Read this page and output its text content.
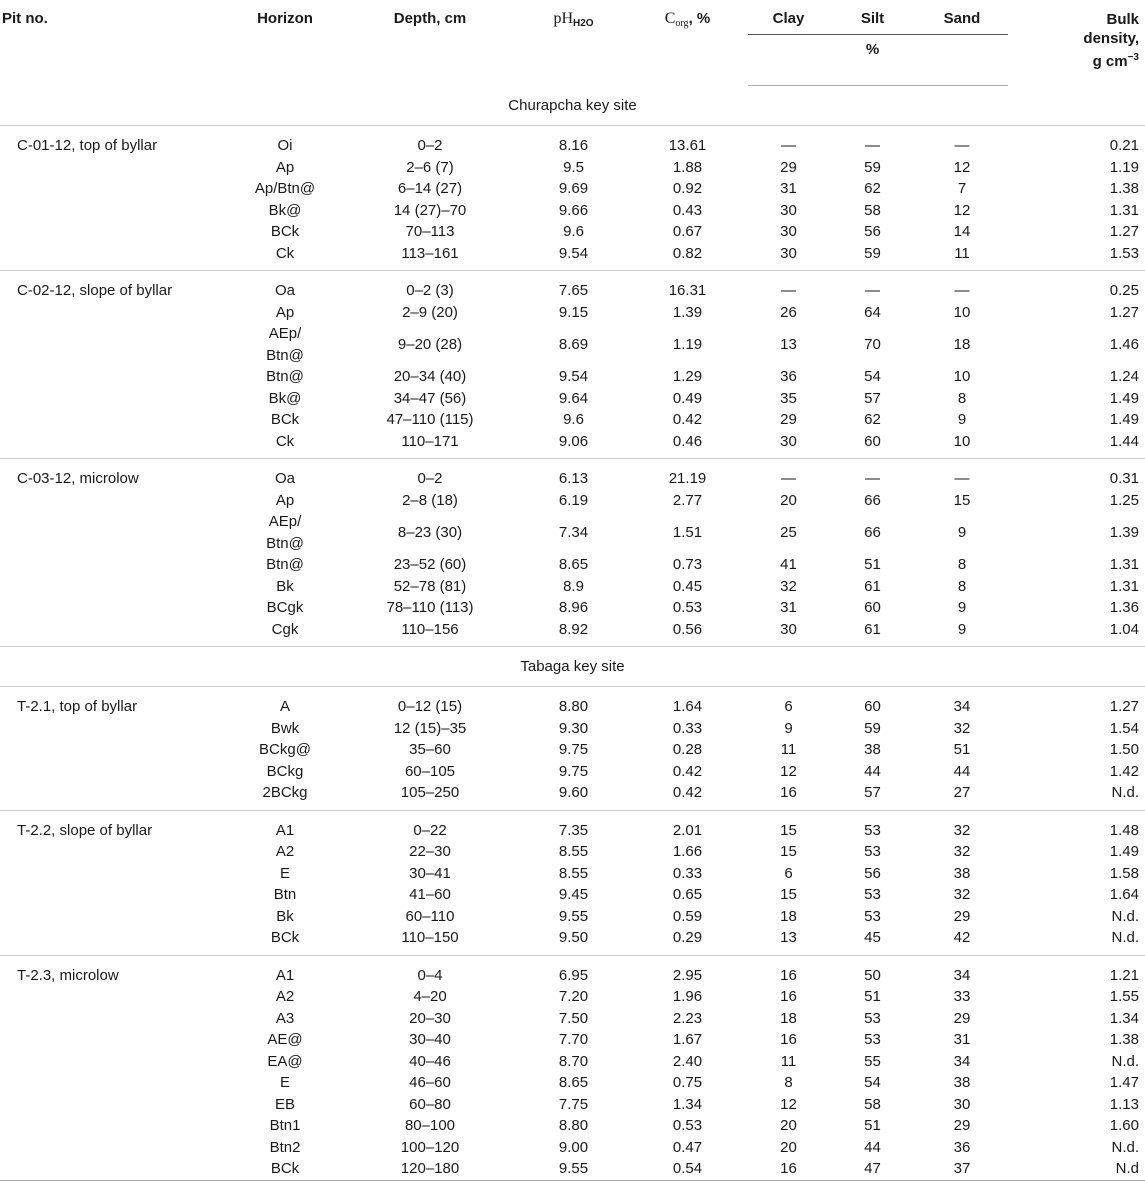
Pit no.	Horizon	Depth, cm	$pH_{H2O}$	$C_{org}$, %	Clay	Silt	Sand	Bulk
density,
g $cm^{-3}$

						%		
Churapcha key site								
C-01-12, top of byllar	Oi	0–2	8.16	13.61	—	—	—	0.21
	Ap	2–6 (7)	9.5	1.88	29	59	12	1.19
	Ap/Btn@	6–14 (27)	9.69	0.92	31	62	7	1.38
	Bk@	14 (27)–70	9.66	0.43	30	58	12	1.31
	BCk	70–113	9.6	0.67	30	56	14	1.27
	Ck	113–161	9.54	0.82	30	59	11	1.53
C-02-12, slope of byllar	Oa	0–2 (3)	7.65	16.31	—	—	—	0.25
	Ap	2–9 (20)	9.15	1.39	26	64	10	1.27
	AEp/ Btn@	9–20 (28)	8.69	1.19	13	70	18	1.46
	Btn@	20–34 (40)	9.54	1.29	36	54	10	1.24
	Bk@	34–47 (56)	9.64	0.49	35	57	8	1.49
	BCk	47–110 (115)	9.6	0.42	29	62	9	1.49
	Ck	110–171	9.06	0.46	30	60	10	1.44
C-03-12, microlow	Oa	0–2	6.13	21.19	—	—	—	0.31
	Ap	2–8 (18)	6.19	2.77	20	66	15	1.25
	AEp/ Btn@	8–23 (30)	7.34	1.51	25	66	9	1.39
	Btn@	23–52 (60)	8.65	0.73	41	51	8	1.31
	Bk	52–78 (81)	8.9	0.45	32	61	8	1.31
	BCgk	78–110 (113)	8.96	0.53	31	60	9	1.36
	Cgk	110–156	8.92	0.56	30	61	9	1.04
Tabaga key site								
T-2.1, top of byllar	A	0–12 (15)	8.80	1.64	6	60	34	1.27
	Bwk	12 (15)–35	9.30	0.33	9	59	32	1.54
	BCkg@	35–60	9.75	0.28	11	38	51	1.50
	BCkg	60–105	9.75	0.42	12	44	44	1.42
	2BCkg	105–250	9.60	0.42	16	57	27	N.d.
T-2.2, slope of byllar	A1	0–22	7.35	2.01	15	53	32	1.48
	A2	22–30	8.55	1.66	15	53	32	1.49
	E	30–41	8.55	0.33	6	56	38	1.58
	Btn	41–60	9.45	0.65	15	53	32	1.64
	Bk	60–110	9.55	0.59	18	53	29	N.d.
	BCk	110–150	9.50	0.29	13	45	42	N.d.
T-2.3, microlow	A1	0–4	6.95	2.95	16	50	34	1.21
	A2	4–20	7.20	1.96	16	51	33	1.55
	A3	20–30	7.50	2.23	18	53	29	1.34
	AE@	30–40	7.70	1.67	16	53	31	1.38
	EA@	40–46	8.70	2.40	11	55	34	N.d.
	E	46–60	8.65	0.75	8	54	38	1.47
	EB	60–80	7.75	1.34	12	58	30	1.13
	Btn1	80–100	8.80	0.53	20	51	29	1.60
	Btn2	100–120	9.00	0.47	20	44	36	N.d.
	BCk	120–180	9.55	0.54	16	47	37	N.d
